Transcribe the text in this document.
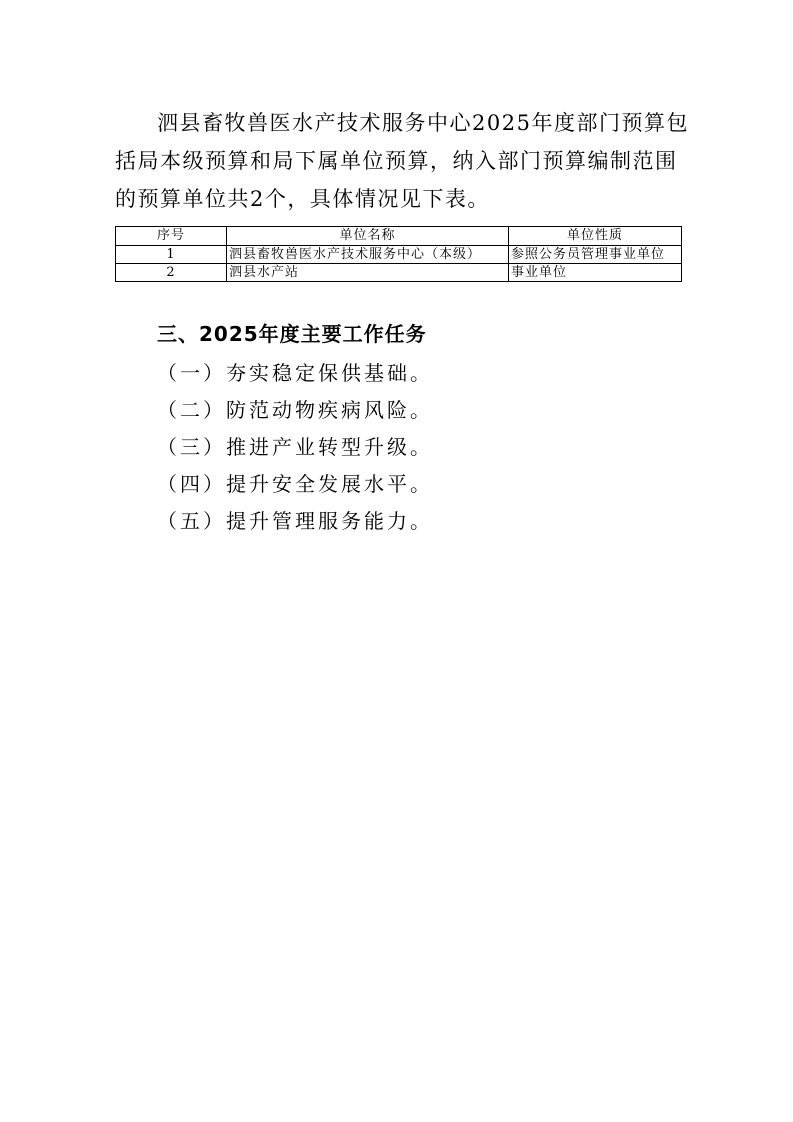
泗县畜牧兽医水产技术服务中心2025年度部门预算包

括局本级预算和局下属单位预算，纳入部门预算编制范围

的预算单位共2个，具体情况见下表。

序号	单位名称	单位性质
1	泗县畜牧兽医水产技术服务中心（本级）	参照公务员管理事业单位
2	泗县水产站	事业单位
三、2025年度主要工作任务
（一）夯实稳定保供基础。
（二）防范动物疾病风险。
（三）推进产业转型升级。
（四）提升安全发展水平。
（五）提升管理服务能力。
